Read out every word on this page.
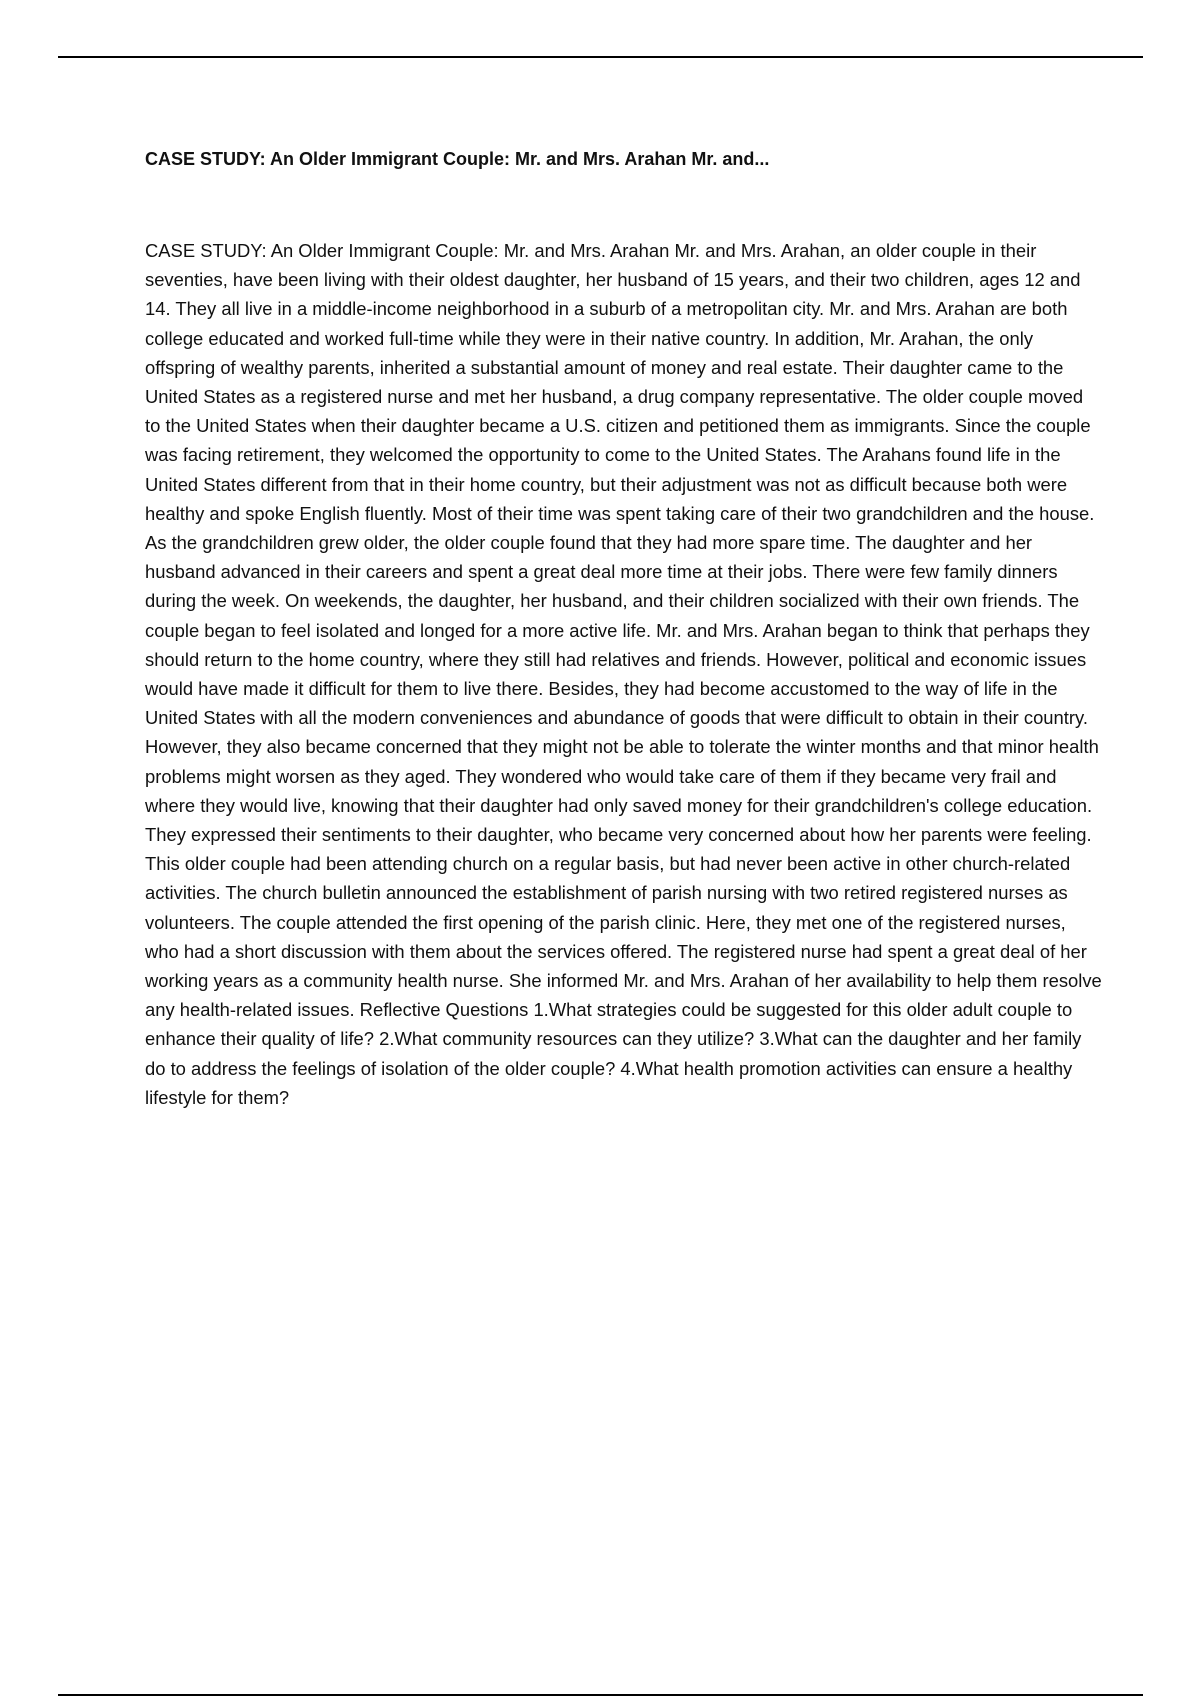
CASE STUDY: An Older Immigrant Couple: Mr. and Mrs. Arahan Mr. and...

CASE STUDY: An Older Immigrant Couple: Mr. and Mrs. Arahan Mr. and Mrs. Arahan, an older couple in their seventies, have been living with their oldest daughter, her husband of 15 years, and their two children, ages 12 and 14. They all live in a middle-income neighborhood in a suburb of a metropolitan city. Mr. and Mrs. Arahan are both college educated and worked full-time while they were in their native country. In addition, Mr. Arahan, the only offspring of wealthy parents, inherited a substantial amount of money and real estate. Their daughter came to the United States as a registered nurse and met her husband, a drug company representative. The older couple moved to the United States when their daughter became a U.S. citizen and petitioned them as immigrants. Since the couple was facing retirement, they welcomed the opportunity to come to the United States. The Arahans found life in the United States different from that in their home country, but their adjustment was not as difficult because both were healthy and spoke English fluently. Most of their time was spent taking care of their two grandchildren and the house. As the grandchildren grew older, the older couple found that they had more spare time. The daughter and her husband advanced in their careers and spent a great deal more time at their jobs. There were few family dinners during the week. On weekends, the daughter, her husband, and their children socialized with their own friends. The couple began to feel isolated and longed for a more active life. Mr. and Mrs. Arahan began to think that perhaps they should return to the home country, where they still had relatives and friends. However, political and economic issues would have made it difficult for them to live there. Besides, they had become accustomed to the way of life in the United States with all the modern conveniences and abundance of goods that were difficult to obtain in their country. However, they also became concerned that they might not be able to tolerate the winter months and that minor health problems might worsen as they aged. They wondered who would take care of them if they became very frail and where they would live, knowing that their daughter had only saved money for their grandchildren's college education. They expressed their sentiments to their daughter, who became very concerned about how her parents were feeling. This older couple had been attending church on a regular basis, but had never been active in other church-related activities. The church bulletin announced the establishment of parish nursing with two retired registered nurses as volunteers. The couple attended the first opening of the parish clinic. Here, they met one of the registered nurses, who had a short discussion with them about the services offered. The registered nurse had spent a great deal of her working years as a community health nurse. She informed Mr. and Mrs. Arahan of her availability to help them resolve any health-related issues. Reflective Questions 1.What strategies could be suggested for this older adult couple to enhance their quality of life? 2.What community resources can they utilize? 3.What can the daughter and her family do to address the feelings of isolation of the older couple? 4.What health promotion activities can ensure a healthy lifestyle for them?
